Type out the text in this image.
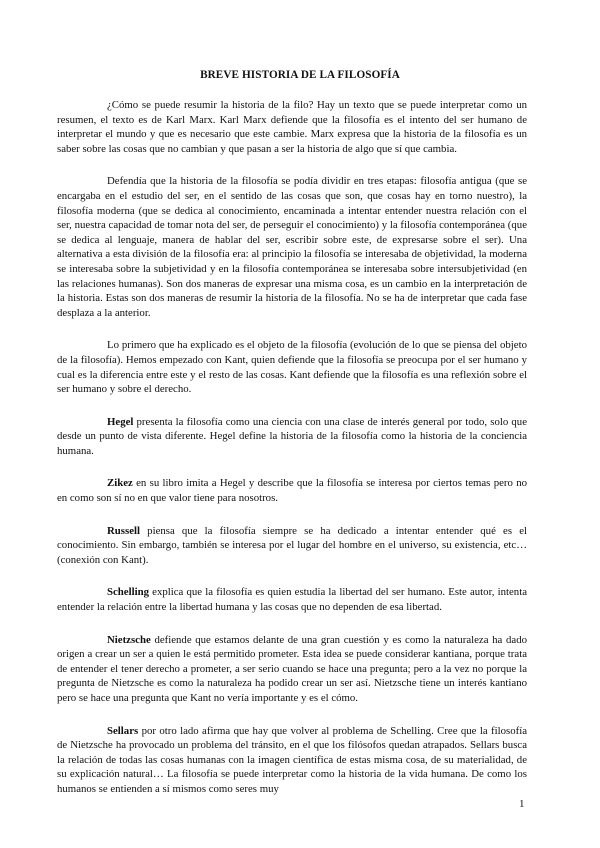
BREVE HISTORIA DE LA FILOSOFÍA

¿Cómo se puede resumir la historia de la filo? Hay un texto que se puede interpretar como un resumen, el texto es de Karl Marx. Karl Marx defiende que la filosofía es el intento del ser humano de interpretar el mundo y que es necesario que este cambie. Marx expresa que la historia de la filosofía es un saber sobre las cosas que no cambian y que pasan a ser la historia de algo que sí que cambia.

Defendía que la historia de la filosofía se podía dividir en tres etapas: filosofía antigua (que se encargaba en el estudio del ser, en el sentido de las cosas que son, que cosas hay en torno nuestro), la filosofía moderna (que se dedica al conocimiento, encaminada a intentar entender nuestra relación con el ser, nuestra capacidad de tomar nota del ser, de perseguir el conocimiento) y la filosofía contemporánea (que se dedica al lenguaje, manera de hablar del ser, escribir sobre este, de expresarse sobre el ser). Una alternativa a esta división de la filosofía era: al principio la filosofía se interesaba de objetividad, la moderna se interesaba sobre la subjetividad y en la filosofía contemporánea se interesaba sobre intersubjetividad (en las relaciones humanas). Son dos maneras de expresar una misma cosa, es un cambio en la interpretación de la historia. Estas son dos maneras de resumir la historia de la filosofía. No se ha de interpretar que cada fase desplaza a la anterior.

Lo primero que ha explicado es el objeto de la filosofía (evolución de lo que se piensa del objeto de la filosofía). Hemos empezado con Kant, quien defiende que la filosofía se preocupa por el ser humano y cual es la diferencia entre este y el resto de las cosas. Kant defiende que la filosofía es una reflexión sobre el ser humano y sobre el derecho.

Hegel presenta la filosofía como una ciencia con una clase de interés general por todo, solo que desde un punto de vista diferente. Hegel define la historia de la filosofía como la historia de la conciencia humana.

Zikez en su libro imita a Hegel y describe que la filosofía se interesa por ciertos temas pero no en como son sí no en que valor tiene para nosotros.

Russell piensa que la filosofía siempre se ha dedicado a intentar entender qué es el conocimiento. Sin embargo, también se interesa por el lugar del hombre en el universo, su existencia, etc… (conexión con Kant).

Schelling explica que la filosofía es quien estudia la libertad del ser humano. Este autor, intenta entender la relación entre la libertad humana y las cosas que no dependen de esa libertad.

Nietzsche defiende que estamos delante de una gran cuestión y es como la naturaleza ha dado origen a crear un ser a quien le está permitido prometer. Esta idea se puede considerar kantiana, porque trata de entender el tener derecho a prometer, a ser serio cuando se hace una pregunta; pero a la vez no porque la pregunta de Nietzsche es como la naturaleza ha podido crear un ser así. Nietzsche tiene un interés kantiano pero se hace una pregunta que Kant no vería importante y es el cómo.

Sellars por otro lado afirma que hay que volver al problema de Schelling. Cree que la filosofía de Nietzsche ha provocado un problema del tránsito, en el que los filósofos quedan atrapados. Sellars busca la relación de todas las cosas humanas con la imagen científica de estas misma cosa, de su materialidad, de su explicación natural… La filosofía se puede interpretar como la historia de la vida humana. De como los humanos se entienden a sí mismos como seres muy

1
